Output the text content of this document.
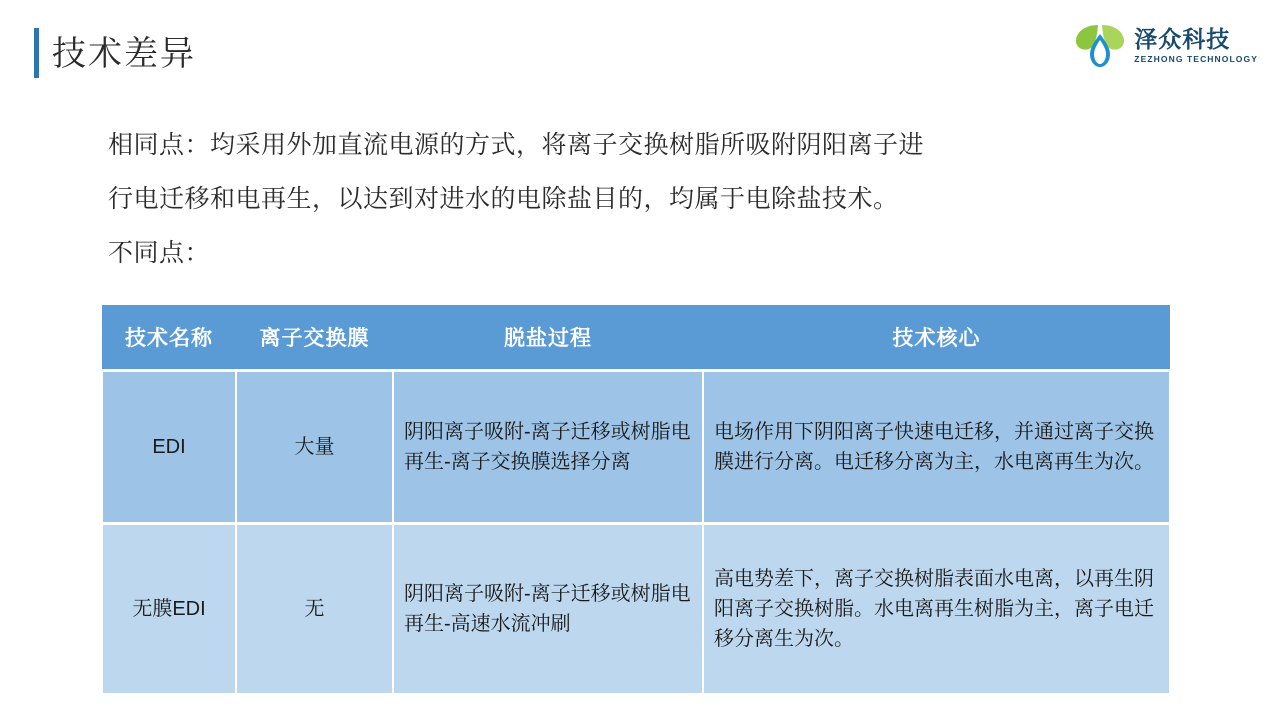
技术差异	泽众科技
ZEZHONG TECHNOLOGY

相同点：均采用外加直流电源的方式，将离子交换树脂所吸附阴阳离子进

行电迁移和电再生，以达到对进水的电除盐目的，均属于电除盐技术。

不同点：

技术名称	离子交换膜	脱盐过程	技术核心
EDI	大量	阴阳离子吸附-离子迁移或树脂电再生-离子交换膜选择分离	电场作用下阴阳离子快速电迁移，并通过离子交换膜进行分离。电迁移分离为主，水电离再生为次。
无膜EDI	无	阴阳离子吸附-离子迁移或树脂电再生-高速水流冲刷	高电势差下，离子交换树脂表面水电离，以再生阴阳离子交换树脂。水电离再生树脂为主，离子电迁移分离生为次。
